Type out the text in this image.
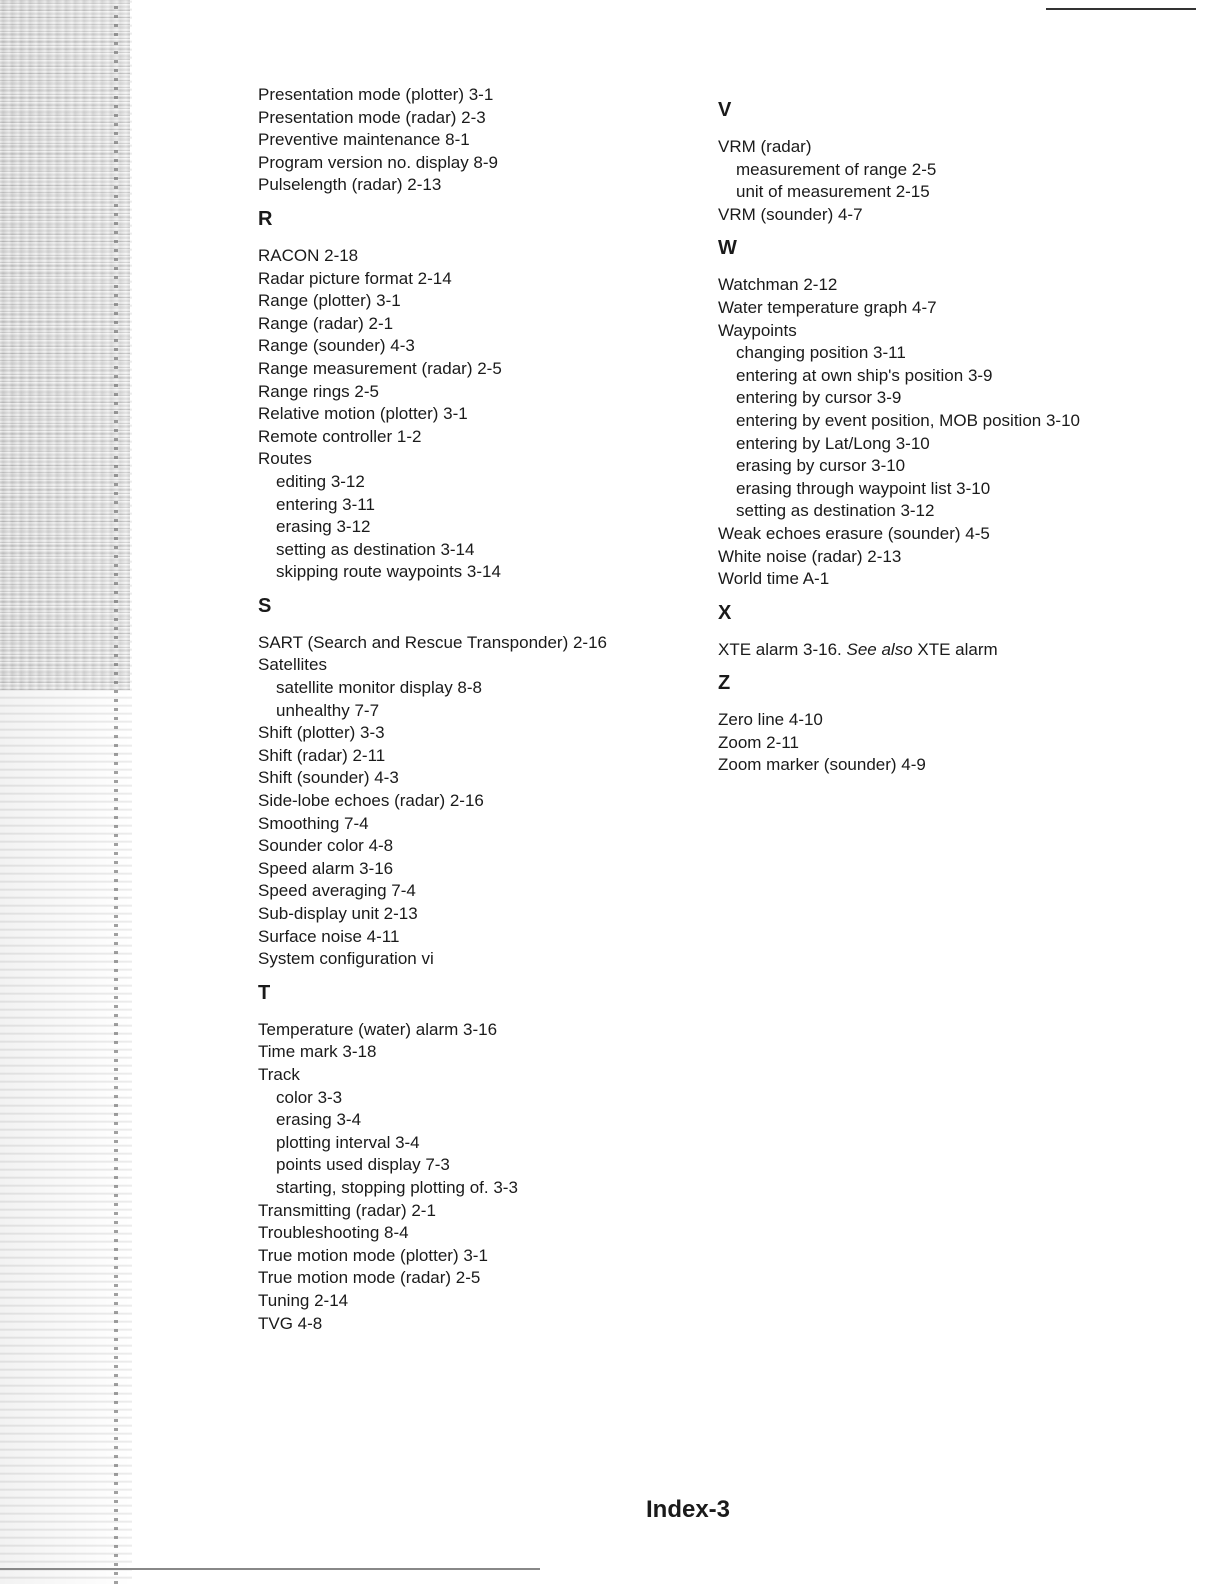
Presentation mode (plotter) 3-1
Presentation mode (radar) 2-3
Preventive maintenance 8-1
Program version no. display 8-9
Pulselength (radar) 2-13
R
RACON 2-18
Radar picture format 2-14
Range (plotter) 3-1
Range (radar) 2-1
Range (sounder) 4-3
Range measurement (radar) 2-5
Range rings 2-5
Relative motion (plotter) 3-1
Remote controller 1-2
Routes
editing 3-12
entering 3-11
erasing 3-12
setting as destination 3-14
skipping route waypoints 3-14
S
SART (Search and Rescue Transponder) 2-16
Satellites
satellite monitor display 8-8
unhealthy 7-7
Shift (plotter) 3-3
Shift (radar) 2-11
Shift (sounder) 4-3
Side-lobe echoes (radar) 2-16
Smoothing 7-4
Sounder color 4-8
Speed alarm 3-16
Speed averaging 7-4
Sub-display unit 2-13
Surface noise 4-11
System configuration vi
T
Temperature (water) alarm 3-16
Time mark 3-18
Track
color 3-3
erasing 3-4
plotting interval 3-4
points used display 7-3
starting, stopping plotting of. 3-3
Transmitting (radar) 2-1
Troubleshooting 8-4
True motion mode (plotter) 3-1
True motion mode (radar) 2-5
Tuning 2-14
TVG 4-8
V
VRM (radar)
measurement of range 2-5
unit of measurement 2-15
VRM (sounder) 4-7
W
Watchman 2-12
Water temperature graph 4-7
Waypoints
changing position 3-11
entering at own ship's position 3-9
entering by cursor 3-9
entering by event position, MOB position 3-10
entering by Lat/Long 3-10
erasing by cursor 3-10
erasing through waypoint list 3-10
setting as destination 3-12
Weak echoes erasure (sounder) 4-5
White noise (radar) 2-13
World time A-1
X
XTE alarm 3-16. See also XTE alarm
Z
Zero line 4-10
Zoom 2-11
Zoom marker (sounder) 4-9
Index-3
